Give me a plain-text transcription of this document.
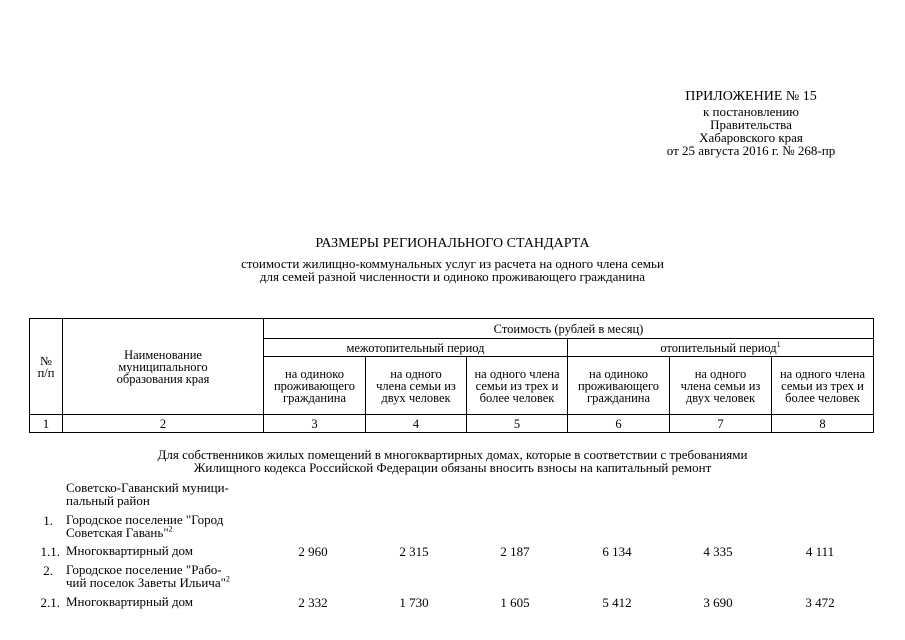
ПРИЛОЖЕНИЕ № 15
к постановлению
Правительства
Хабаровского края
от 25 августа 2016 г. № 268-пр
РАЗМЕРЫ РЕГИОНАЛЬНОГО СТАНДАРТА
стоимости жилищно-коммунальных услуг из расчета на одного члена семьи
для семей разной численности и одиноко проживающего гражданина
№ п/п	Наименование муниципального образования края	Стоимость (рублей в месяц)					
		межотопительный период			отопительный период$^1$
		на одиноко проживающего гражданина	на одного члена семьи из двух человек	на одного члена семьи из трех и более человек	на одиноко проживающего гражданина	на одного члена семьи из двух человек	на одного члена семьи из трех и более человек
1	2	3	4	5	6	7	8
Для собственников жилых помещений в многоквартирных домах, которые в соответствии с требованиями
Жилищного кодекса Российской Федерации обязаны вносить взносы на капитальный ремонт
Советско-Гаванский муници-
пальный район
1. Городское поселение "Город
Советская Гавань"$^2$
1.1. Многоквартирный дом	2 960	2 315	2 187	6 134	4 335	4 111
2. Городское поселение "Рабо-
чий поселок Заветы Ильича"$^2$
2.1. Многоквартирный дом	2 332	1 730	1 605	5 412	3 690	3 472
